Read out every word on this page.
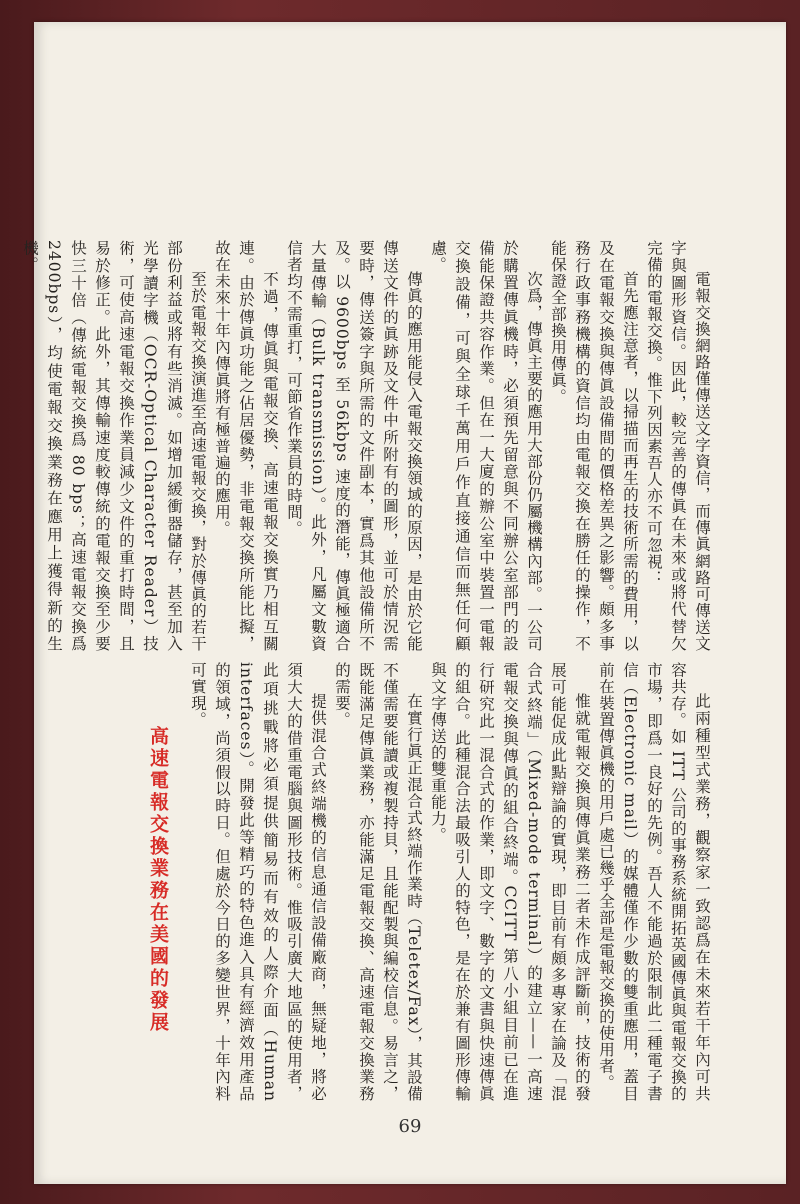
電報交換網路僅傳送文字資信，而傳眞網路可傳送文字與圖形資信。因此，較完善的傳眞在未來或將代替欠完備的電報交換。惟下列因素吾人亦不可忽視：

首先應注意者，以掃描而再生的技術所需的費用，以及在電報交換與傳眞設備間的價格差異之影響。頗多事務行政事務機構的資信均由電報交換在勝任的操作，不能保證全部換用傳眞。

次爲，傳眞主要的應用大部份仍屬機構內部。一公司於購置傳眞機時，必須預先留意與不同辦公室部門的設備能保證共容作業。但在一大廈的辦公室中裝置一電報交換設備，可與全球千萬用戶作直接通信而無任何顧慮。

傳眞的應用能侵入電報交換領域的原因，是由於它能傳送文件的眞跡及文件中所附有的圖形，並可於情況需要時，傳送簽字與所需的文件副本，實爲其他設備所不及。以 9600bps 至 56kbps 速度的潛能，傳眞極適合大量傳輸（Bulk transmission）。此外，凡屬文數資信者均不需重打，可節省作業員的時間。

不過，傳眞與電報交換、高速電報交換實乃相互關連。由於傳眞功能之佔居優勢，非電報交換所能比擬，故在未來十年內傳眞將有極普遍的應用。

至於電報交換演進至高速電報交換，對於傳眞的若干部份利益或將有些消滅。如增加緩衝器儲存，甚至加入光學讀字機（OCR-Optical Character Reader）技術，可使高速電報交換作業員減少文件的重打時間，且易於修正。此外，其傳輸速度較傳統的電報交換至少要快三十倍（傳統電報交換爲 80 bps；高速電報交換爲 2400bps），均使電報交換業務在應用上獲得新的生機。

此兩種型式業務，觀察家一致認爲在未來若干年內可共容共存。如 ITT 公司的事務系統開拓英國傳眞與電報交換的市場，即爲一良好的先例。吾人不能過於限制此二種電子書信（Electronic mail）的媒體僅作少數的雙重應用，蓋目前在裝置傳眞機的用戶處已幾乎全部是電報交換的使用者。

惟就電報交換與傳眞業務二者未作成評斷前，技術的發展可能促成此點辯論的實現，即目前有頗多專家在論及「混合式終端」（Mixed-mode terminal）的建立——一高速電報交換與傳眞的組合終端。CCITT 第八小組目前已在進行研究此一混合式的作業，即文字、數字的文書與快速傳眞的組合。此種混合法最吸引人的特色，是在於兼有圖形傳輸與文字傳送的雙重能力。

在實行眞正混合式終端作業時（Teletex/Fax），其設備不僅需要能讀或複製持貝，且能配製與編校信息。易言之，既能滿足傳眞業務，亦能滿足電報交換、高速電報交換業務的需要。

提供混合式終端機的信息通信設備廠商，無疑地，將必須大大的借重電腦與圖形技術。惟吸引廣大地區的使用者，此項挑戰將必須提供簡易而有效的人際介面（Human interfaces）。開發此等精巧的特色進入具有經濟效用產品的領域，尚須假以時日。但處於今日的多變世界，十年內料可實現。

高速電報交換業務在美國的發展
69
